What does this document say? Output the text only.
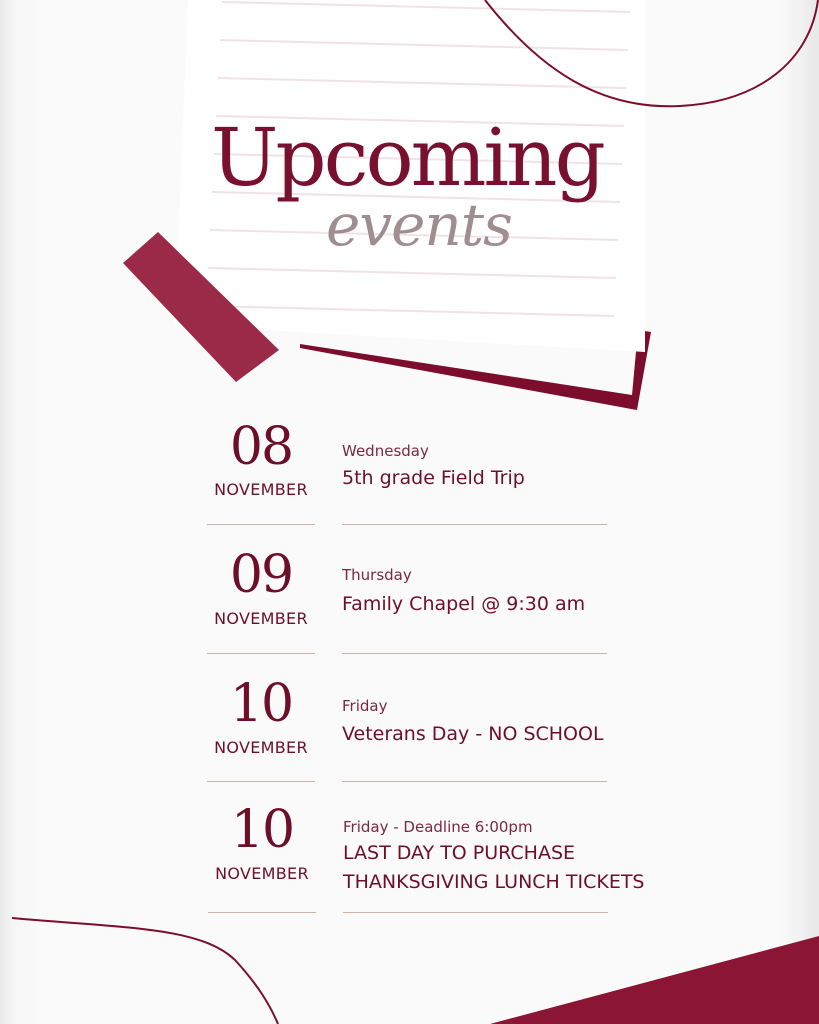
Upcoming
events
08
NOVEMBER
Wednesday
5th grade Field Trip
09
NOVEMBER
Thursday
Family Chapel @ 9:30 am
10
NOVEMBER
Friday
Veterans Day - NO SCHOOL
10
NOVEMBER
Friday - Deadline 6:00pm
LAST DAY TO PURCHASE
THANKSGIVING LUNCH TICKETS
